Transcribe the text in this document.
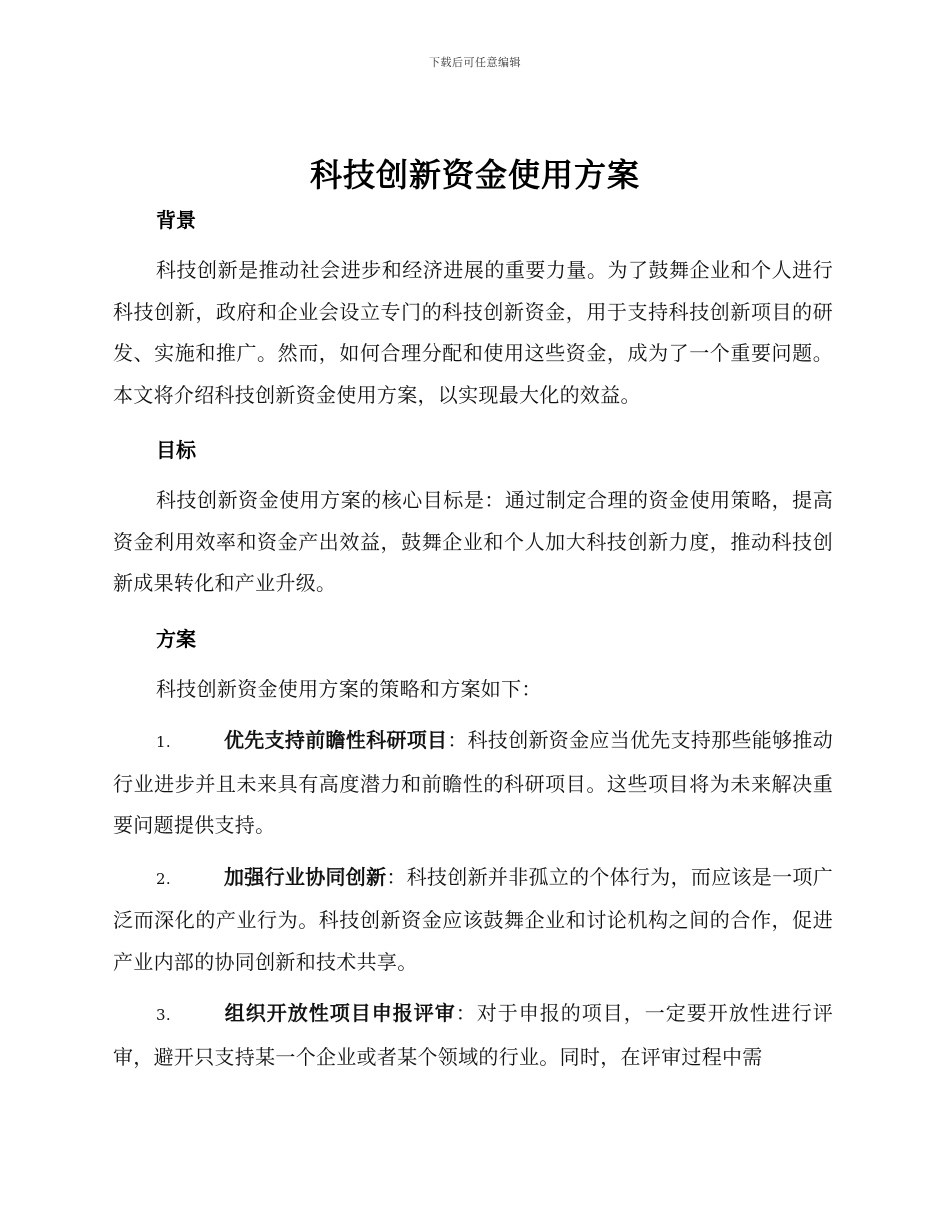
下载后可任意编辑
科技创新资金使用方案
背景

科技创新是推动社会进步和经济进展的重要力量。为了鼓舞企业和个人进行科技创新，政府和企业会设立专门的科技创新资金，用于支持科技创新项目的研发、实施和推广。然而，如何合理分配和使用这些资金，成为了一个重要问题。本文将介绍科技创新资金使用方案，以实现最大化的效益。

目标

科技创新资金使用方案的核心目标是：通过制定合理的资金使用策略，提高资金利用效率和资金产出效益，鼓舞企业和个人加大科技创新力度，推动科技创新成果转化和产业升级。

方案

科技创新资金使用方案的策略和方案如下：

1.	优先支持前瞻性科研项目：科技创新资金应当优先支持那些能够推动行业进步并且未来具有高度潜力和前瞻性的科研项目。这些项目将为未来解决重要问题提供支持。

2.	加强行业协同创新：科技创新并非孤立的个体行为，而应该是一项广泛而深化的产业行为。科技创新资金应该鼓舞企业和讨论机构之间的合作，促进产业内部的协同创新和技术共享。

3.	组织开放性项目申报评审：对于申报的项目，一定要开放性进行评审，避开只支持某一个企业或者某个领域的行业。同时，在评审过程中需
